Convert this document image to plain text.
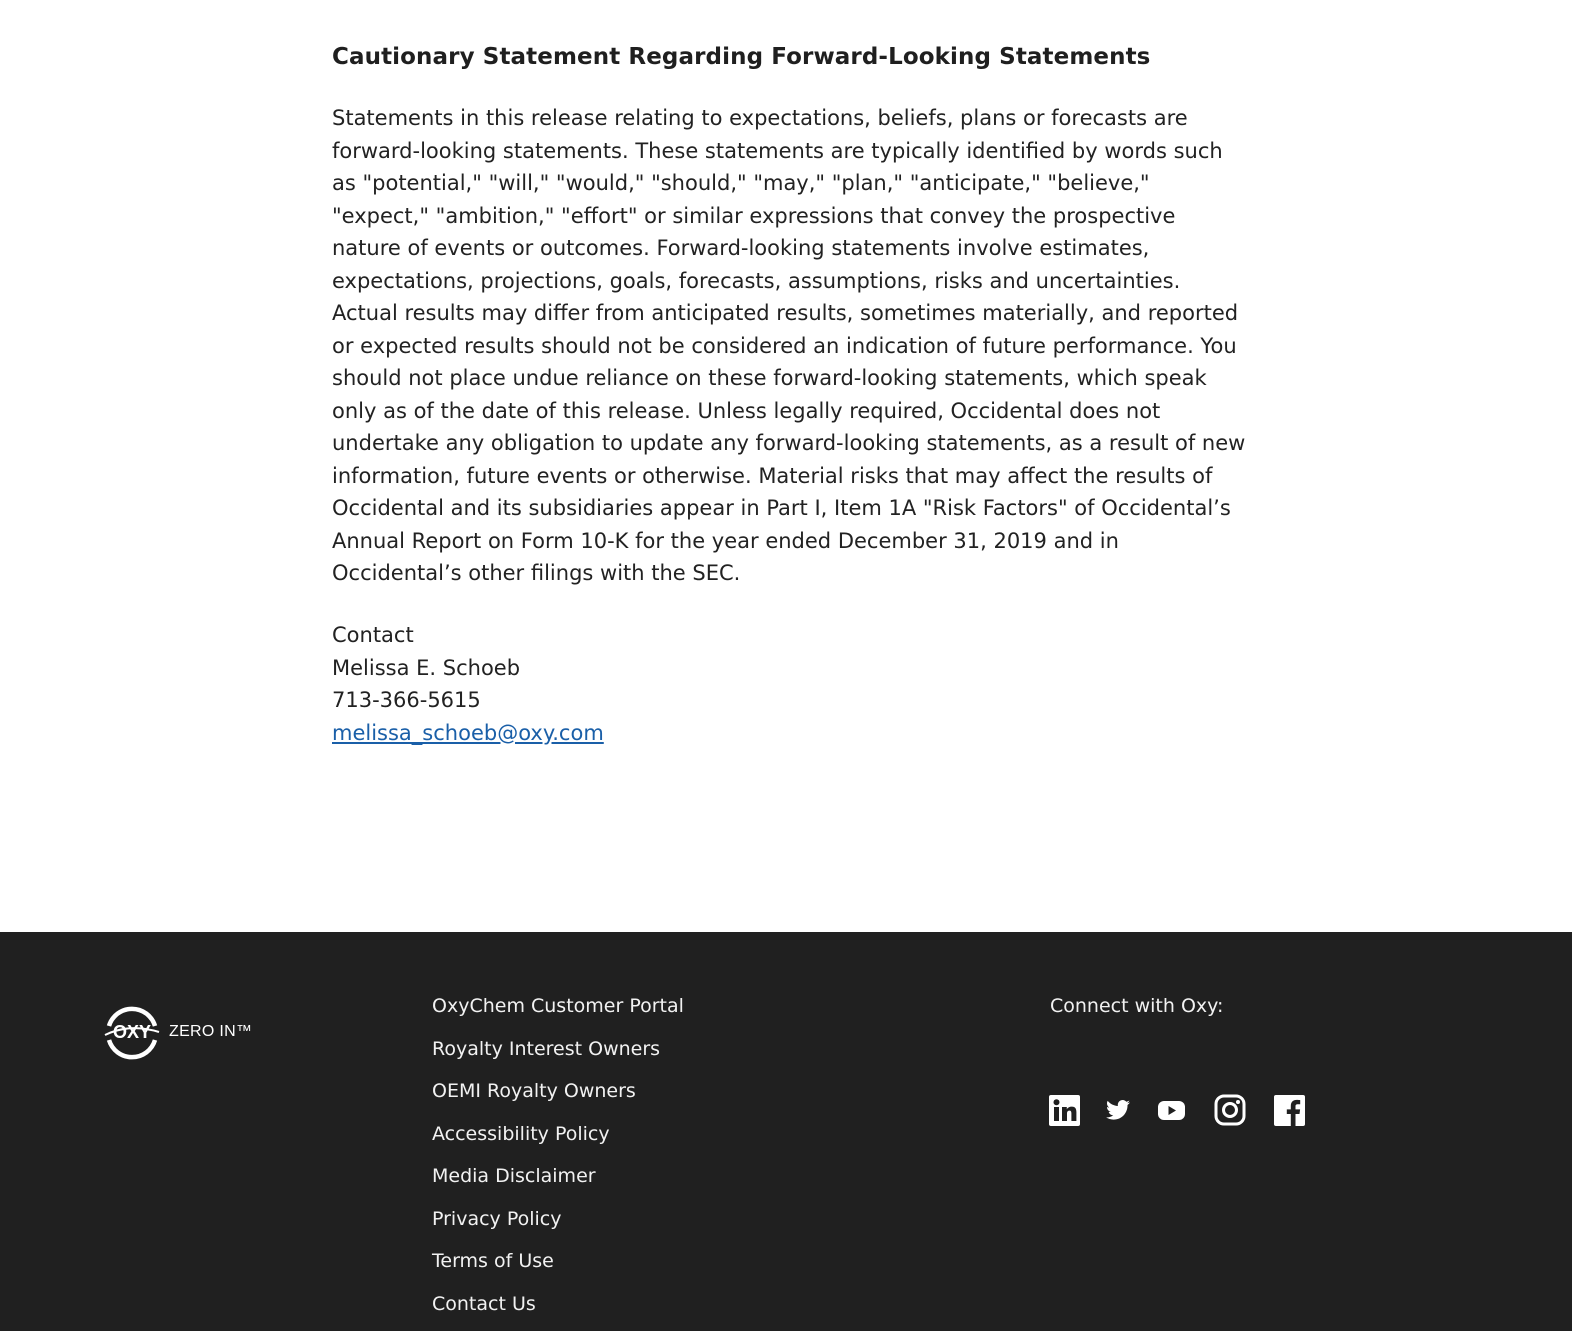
Cautionary Statement Regarding Forward-Looking Statements

Statements in this release relating to expectations, beliefs, plans or forecasts are forward-looking statements. These statements are typically identified by words such as "potential," "will," "would," "should," "may," "plan," "anticipate," "believe," "expect," "ambition," "effort" or similar expressions that convey the prospective nature of events or outcomes. Forward-looking statements involve estimates, expectations, projections, goals, forecasts, assumptions, risks and uncertainties. Actual results may differ from anticipated results, sometimes materially, and reported or expected results should not be considered an indication of future performance. You should not place undue reliance on these forward-looking statements, which speak only as of the date of this release. Unless legally required, Occidental does not undertake any obligation to update any forward-looking statements, as a result of new information, future events or otherwise. Material risks that may affect the results of Occidental and its subsidiaries appear in Part I, Item 1A "Risk Factors" of Occidental’s Annual Report on Form 10-K for the year ended December 31, 2019 and in Occidental’s other filings with the SEC.

Contact
Melissa E. Schoeb
713-366-5615
melissa_schoeb@oxy.com
OXY ZERO IN™
OxyChem Customer Portal
Royalty Interest Owners
OEMI Royalty Owners
Accessibility Policy
Media Disclaimer
Privacy Policy
Terms of Use
Contact Us
Connect with Oxy:
